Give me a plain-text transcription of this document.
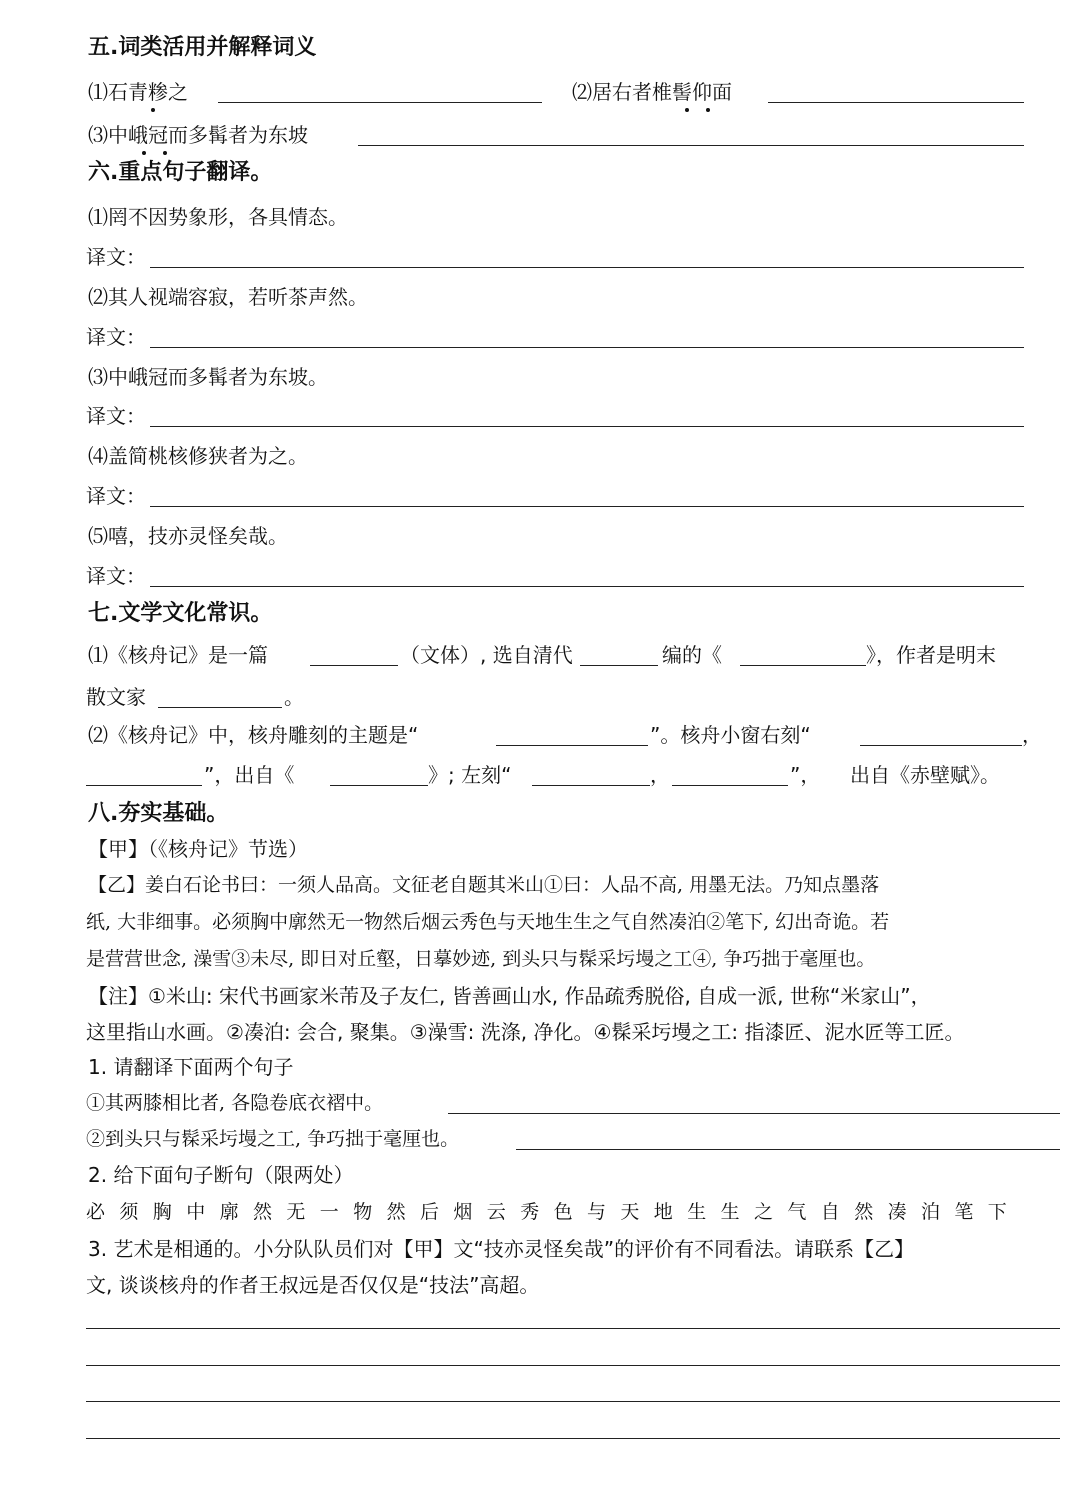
五.词类活用并解释词义
⑴石青糁之	⑵居右者椎髻仰面
⑶中峨冠而多髯者为东坡
六.重点句子翻译。
⑴罔不因势象形，各具情态。
译文：
⑵其人视端容寂，若听茶声然。
译文：
⑶中峨冠而多髯者为东坡。
译文：
⑷盖简桃核修狭者为之。
译文：
⑸嘻，技亦灵怪矣哉。
译文：
七.文学文化常识。
⑴《核舟记》是一篇	（文体）, 选自清代	编的《	》，作者是明末
散文家	。
⑵《核舟记》中，核舟雕刻的主题是“	”。核舟小窗右刻“	，
”，出自《	》; 左刻“	，	”， 出自《赤壁赋》。
八.夯实基础。
【甲】（《核舟记》节选）
【乙】姜白石论书曰：一须人品高。文征老自题其米山①曰：人品不高, 用墨无法。乃知点墨落
纸, 大非细事。必须胸中廓然无一物然后烟云秀色与天地生生之气自然凑泊②笔下, 幻出奇诡。若
是营营世念, 澡雪③未尽, 即日对丘壑，日摹妙迹, 到头只与髹采圬墁之工④, 争巧拙于毫厘也。
【注】①米山: 宋代书画家米芾及子友仁, 皆善画山水, 作品疏秀脱俗, 自成一派, 世称“米家山”，
这里指山水画。②凑泊: 会合, 聚集。③澡雪: 洗涤, 净化。④髹采圬墁之工: 指漆匠、泥水匠等工匠。
1. 请翻译下面两个句子
①其两膝相比者, 各隐卷底衣褶中。
②到头只与髹采圬墁之工, 争巧拙于毫厘也。
2. 给下面句子断句（限两处）
必须胸中廓然无一物然后烟云秀色与天地生生之气自然凑泊笔下
3. 艺术是相通的。小分队队员们对【甲】文“技亦灵怪矣哉”的评价有不同看法。请联系【乙】
文, 谈谈核舟的作者王叔远是否仅仅是“技法”高超。
